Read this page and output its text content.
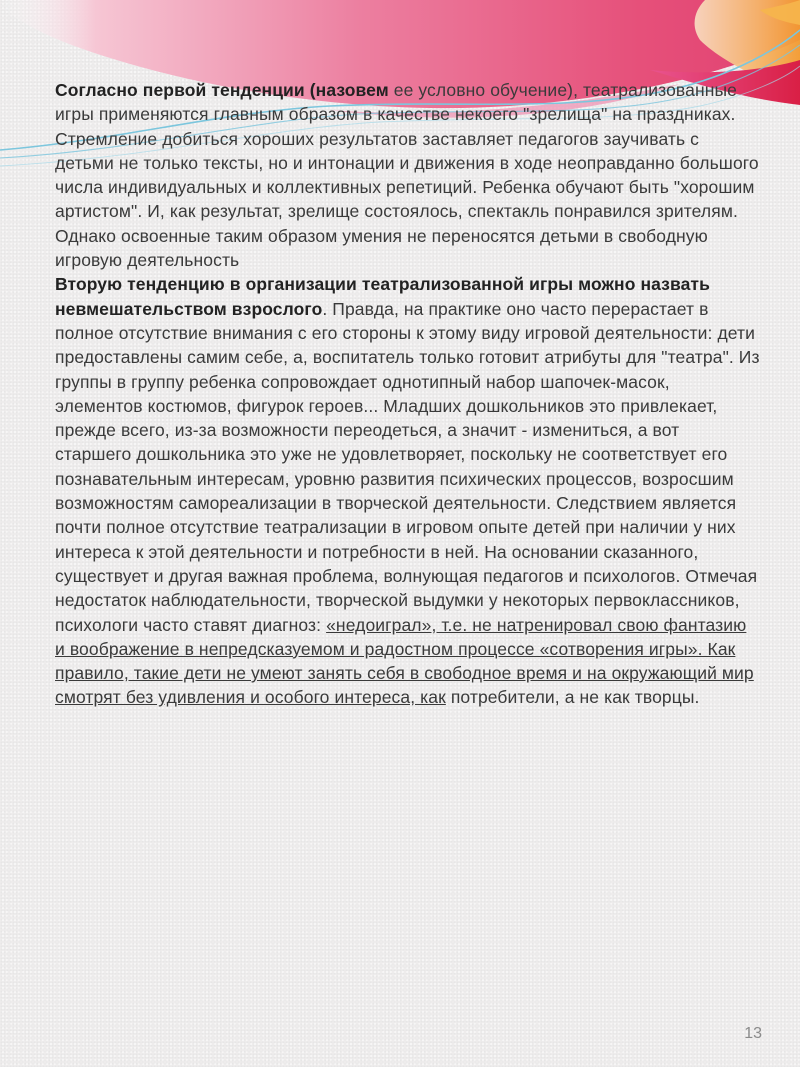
Согласно первой тенденции (назовем ее условно обучение), театрализованные игры применяются главным образом в качестве некоего "зрелища" на праздниках. Стремление добиться хороших результатов заставляет педагогов заучивать с детьми не только тексты, но и интонации и движения в ходе неоправданно большого числа индивидуальных и коллективных репетиций. Ребенка обучают быть "хорошим артистом". И, как результат, зрелище состоялось, спектакль понравился зрителям. Однако освоенные таким образом умения не переносятся детьми в свободную игровую деятельность

Вторую тенденцию в организации театрализованной игры можно назвать невмешательством взрослого. Правда, на практике оно часто перерастает в полное отсутствие внимания с его стороны к этому виду игровой деятельности: дети предоставлены самим себе, а, воспитатель только готовит атрибуты для "театра". Из группы в группу ребенка сопровождает однотипный набор шапочек-масок, элементов костюмов, фигурок героев... Младших дошкольников это привлекает, прежде всего, из-за возможности переодеться, а значит - измениться, а вот старшего дошкольника это уже не удовлетворяет, поскольку не соответствует его познавательным интересам, уровню развития психических процессов, возросшим возможностям самореализации в творческой деятельности. Следствием является почти полное отсутствие театрализации в игровом опыте детей при наличии у них интереса к этой деятельности и потребности в ней. На основании сказанного, существует и другая важная проблема, волнующая педагогов и психологов. Отмечая недостаток наблюдательности, творческой выдумки у некоторых первоклассников, психологи часто ставят диагноз: «недоиграл», т.е. не натренировал свою фантазию и воображение в непредсказуемом и радостном процессе «сотворения игры». Как правило, такие дети не умеют занять себя в свободное время и на окружающий мир смотрят без удивления и особого интереса, как потребители, а не как творцы.

13
